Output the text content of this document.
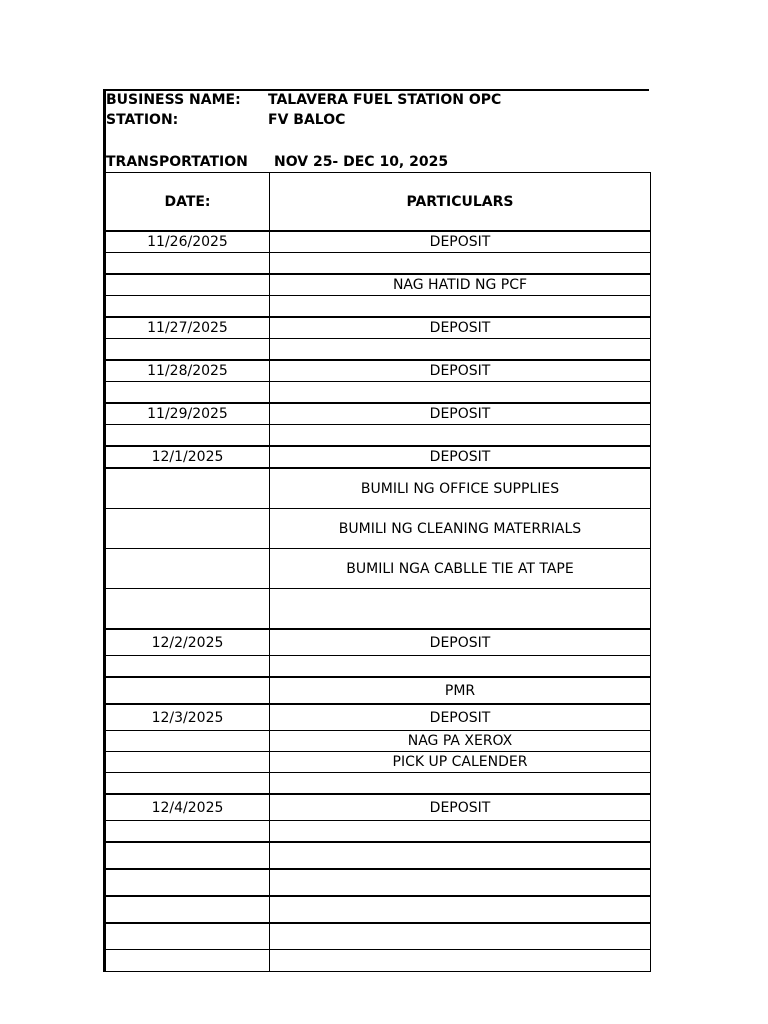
BUSINESS NAME: TALAVERA FUEL STATION OPC
STATION:	FV BALOC
TRANSPORTATION NOV 25- DEC 10, 2025
DATE:	PARTICULARS
11/26/2025	DEPOSIT

	NAG HATID NG PCF

11/27/2025	DEPOSIT

11/28/2025	DEPOSIT

11/29/2025	DEPOSIT

12/1/2025	DEPOSIT
	BUMILI NG OFFICE SUPPLIES
	BUMILI NG CLEANING MATERRIALS
	BUMILI NGA CABLLE TIE AT TAPE

12/2/2025	DEPOSIT

	PMR
12/3/2025	DEPOSIT
	NAG PA XEROX
	PICK UP CALENDER

12/4/2025	DEPOSIT
